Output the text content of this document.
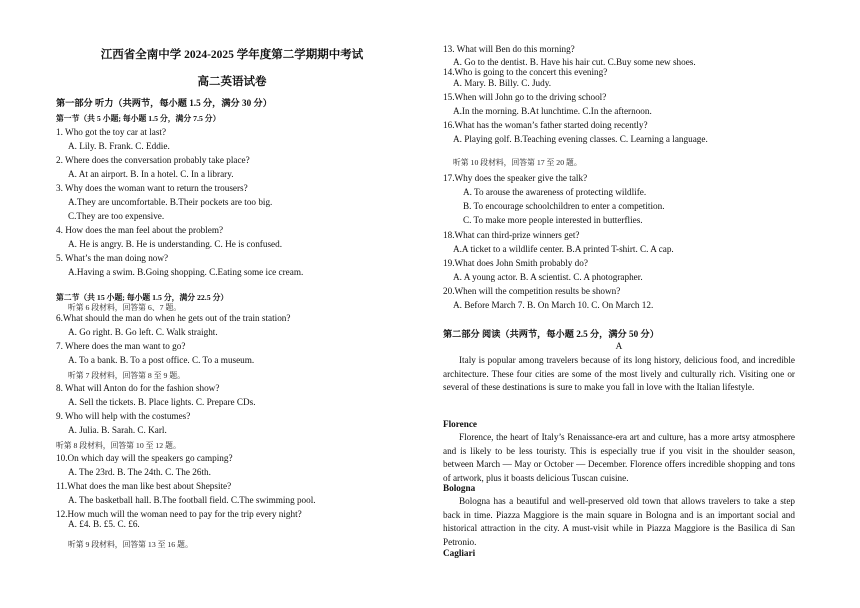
江西省全南中学 2024-2025 学年度第二学期期中考试
高二英语试卷
第一部分 听力（共两节，每小题 1.5 分，满分 30 分）
第一节（共 5 小题; 每小题 1.5 分，满分 7.5 分）
1. Who got the toy car at last?
A. Lily. B. Frank. C. Eddie.
2. Where does the conversation probably take place?
A. At an airport. B. In a hotel. C. In a library.
3. Why does the woman want to return the trousers?
A.They are uncomfortable. B.Their pockets are too big.
C.They are too expensive.
4. How does the man feel about the problem?
A. He is angry. B. He is understanding. C. He is confused.
5. What’s the man doing now?
A.Having a swim. B.Going shopping. C.Eating some ice cream.
第二节（共 15 小题; 每小题 1.5 分，满分 22.5 分）
听第 6 段材料，回答第 6、7 题。
6.What should the man do when he gets out of the train station?
A. Go right. B. Go left. C. Walk straight.
7. Where does the man want to go?
A. To a bank. B. To a post office. C. To a museum.
听第 7 段材料，回答第 8 至 9 题。
8. What will Anton do for the fashion show?
A. Sell the tickets. B. Place lights. C. Prepare CDs.
9. Who will help with the costumes?
A. Julia. B. Sarah. C. Karl.
听第 8 段材料，回答第 10 至 12 题。
10.On which day will the speakers go camping?
A. The 23rd. B. The 24th. C. The 26th.
11.What does the man like best about Shepsite?
A. The basketball hall. B.The football field. C.The swimming pool.
12.How much will the woman need to pay for the trip every night?
A. £4. B. £5. C. £6.
听第 9 段材料，回答第 13 至 16 题。
13. What will Ben do this morning?
A. Go to the dentist. B. Have his hair cut. C.Buy some new shoes.
14.Who is going to the concert this evening?
A. Mary. B. Billy. C. Judy.
15.When will John go to the driving school?
A.In the morning. B.At lunchtime. C.In the afternoon.
16.What has the woman’s father started doing recently?
A. Playing golf. B.Teaching evening classes. C. Learning a language.
听第 10 段材料，回答第 17 至 20 题。
17.Why does the speaker give the talk?
A. To arouse the awareness of protecting wildlife.
B. To encourage schoolchildren to enter a competition.
C. To make more people interested in butterflies.
18.What can third-prize winners get?
A.A ticket to a wildlife center. B.A printed T-shirt. C. A cap.
19.What does John Smith probably do?
A. A young actor. B. A scientist. C. A photographer.
20.When will the competition results be shown?
A. Before March 7. B. On March 10. C. On March 12.
第二部分 阅读（共两节，每小题 2.5 分，满分 50 分）
A
Italy is popular among travelers because of its long history, delicious food, and incredible architecture. These four cities are some of the most lively and culturally rich. Visiting one or several of these destinations is sure to make you fall in love with the Italian lifestyle.
Florence
Florence, the heart of Italy’s Renaissance-era art and culture, has a more artsy atmosphere and is likely to be less touristy. This is especially true if you visit in the shoulder season, between March — May or October — December. Florence offers incredible shopping and tons of artwork, plus it boasts delicious Tuscan cuisine.
Bologna
Bologna has a beautiful and well-preserved old town that allows travelers to take a step back in time. Piazza Maggiore is the main square in Bologna and is an important social and historical attraction in the city. A must-visit while in Piazza Maggiore is the Basilica di San Petronio.
Cagliari
